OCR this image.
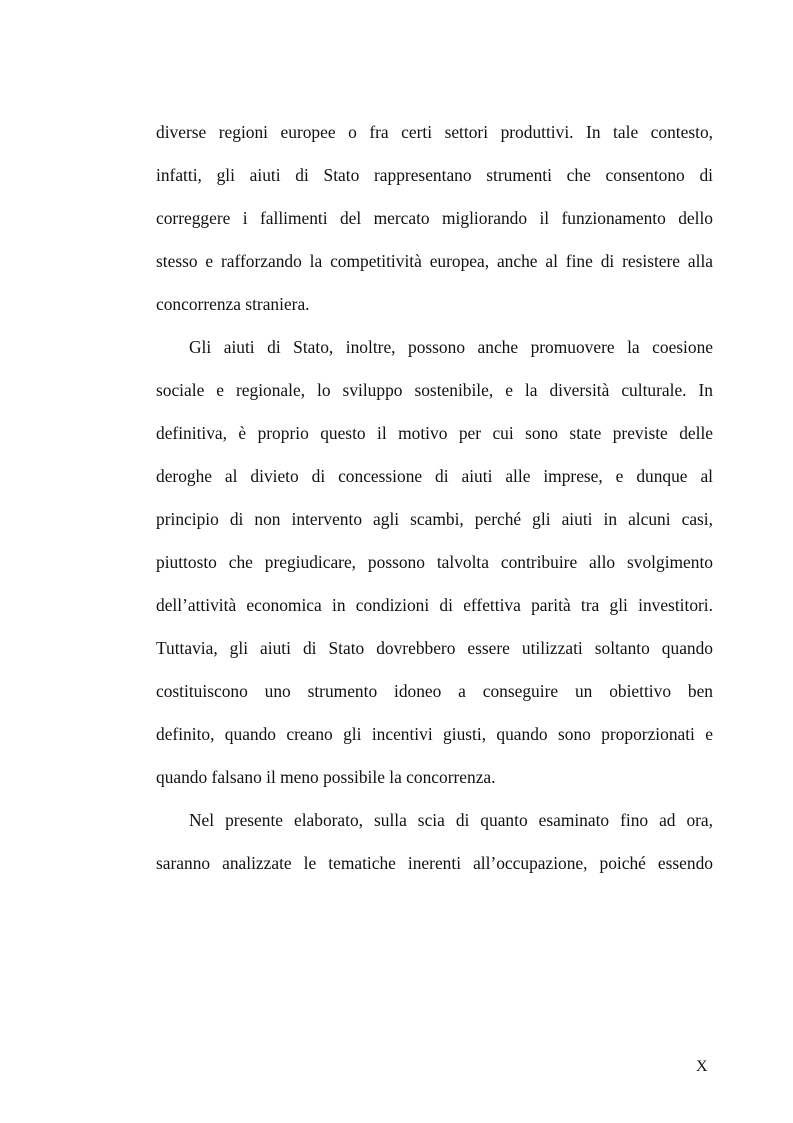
diverse regioni europee o fra certi settori produttivi. In tale contesto,
infatti, gli aiuti di Stato rappresentano strumenti che consentono di
correggere i fallimenti del mercato migliorando il funzionamento dello
stesso e rafforzando la competitività europea, anche al fine di resistere alla
concorrenza straniera.
Gli aiuti di Stato, inoltre, possono anche promuovere la coesione
sociale e regionale, lo sviluppo sostenibile, e la diversità culturale. In
definitiva, è proprio questo il motivo per cui sono state previste delle
deroghe al divieto di concessione di aiuti alle imprese, e dunque al
principio di non intervento agli scambi, perché gli aiuti in alcuni casi,
piuttosto che pregiudicare, possono talvolta contribuire allo svolgimento
dell’attività economica in condizioni di effettiva parità tra gli investitori.
Tuttavia, gli aiuti di Stato dovrebbero essere utilizzati soltanto quando
costituiscono uno strumento idoneo a conseguire un obiettivo ben
definito, quando creano gli incentivi giusti, quando sono proporzionati e
quando falsano il meno possibile la concorrenza.
Nel presente elaborato, sulla scia di quanto esaminato fino ad ora,
saranno analizzate le tematiche inerenti all’occupazione, poiché essendo
X
